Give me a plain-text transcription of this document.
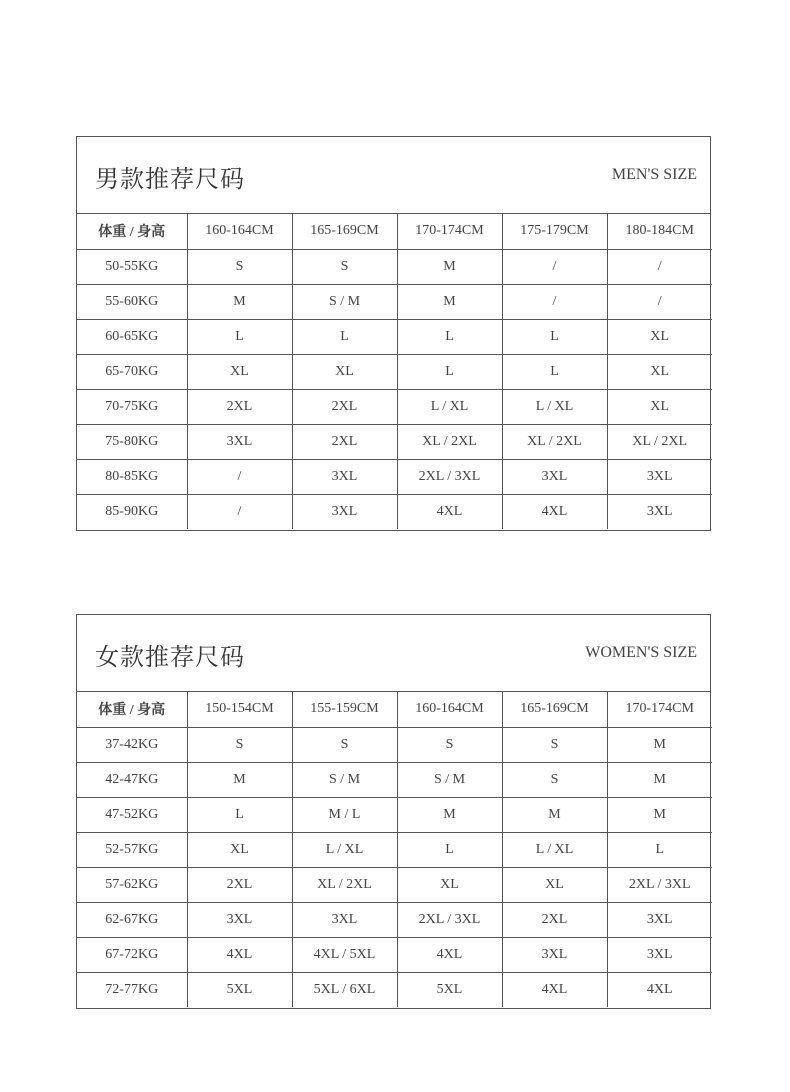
男款推荐尺码	MEN'S SIZE
体重 / 身高	160-164CM	165-169CM	170-174CM	175-179CM	180-184CM
50-55KG	S	S	M	/	/
55-60KG	M	S / M	M	/	/
60-65KG	L	L	L	L	XL
65-70KG	XL	XL	L	L	XL
70-75KG	2XL	2XL	L / XL	L / XL	XL
75-80KG	3XL	2XL	XL / 2XL	XL / 2XL	XL / 2XL
80-85KG	/	3XL	2XL / 3XL	3XL	3XL
85-90KG	/	3XL	4XL	4XL	3XL
女款推荐尺码	WOMEN'S SIZE
体重 / 身高	150-154CM	155-159CM	160-164CM	165-169CM	170-174CM
37-42KG	S	S	S	S	M
42-47KG	M	S / M	S / M	S	M
47-52KG	L	M / L	M	M	M
52-57KG	XL	L / XL	L	L / XL	L
57-62KG	2XL	XL / 2XL	XL	XL	2XL / 3XL
62-67KG	3XL	3XL	2XL / 3XL	2XL	3XL
67-72KG	4XL	4XL / 5XL	4XL	3XL	3XL
72-77KG	5XL	5XL / 6XL	5XL	4XL	4XL
